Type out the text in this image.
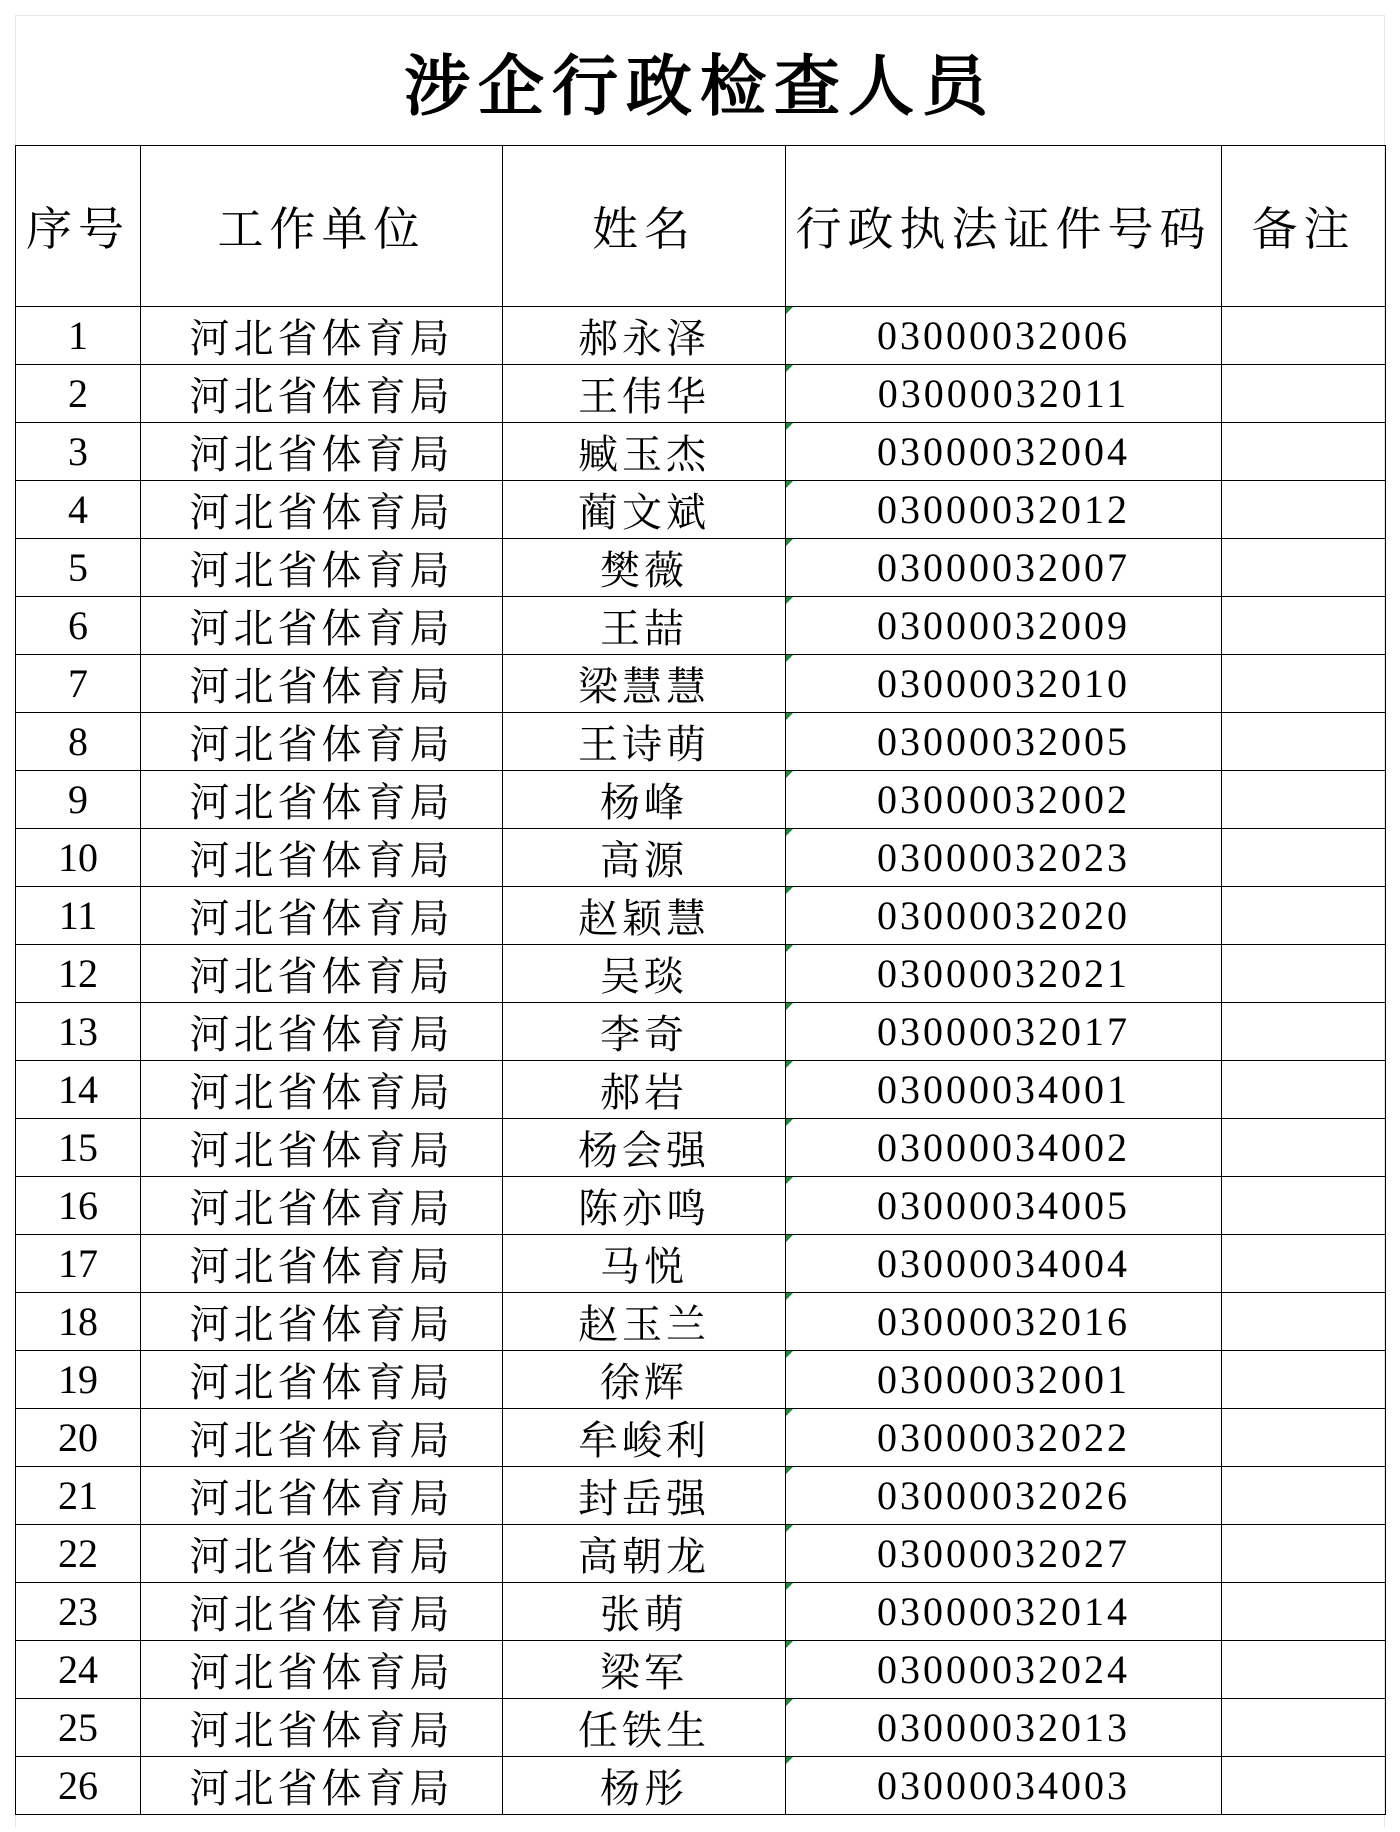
涉企行政检查人员
序号	工作单位	姓名	行政执法证件号码	备注
1	河北省体育局	郝永泽	03000032006	
2	河北省体育局	王伟华	03000032011	
3	河北省体育局	臧玉杰	03000032004	
4	河北省体育局	蔺文斌	03000032012	
5	河北省体育局	樊薇	03000032007	
6	河北省体育局	王喆	03000032009	
7	河北省体育局	梁慧慧	03000032010	
8	河北省体育局	王诗萌	03000032005	
9	河北省体育局	杨峰	03000032002	
10	河北省体育局	高源	03000032023	
11	河北省体育局	赵颖慧	03000032020	
12	河北省体育局	吴琰	03000032021	
13	河北省体育局	李奇	03000032017	
14	河北省体育局	郝岩	03000034001	
15	河北省体育局	杨会强	03000034002	
16	河北省体育局	陈亦鸣	03000034005	
17	河北省体育局	马悦	03000034004	
18	河北省体育局	赵玉兰	03000032016	
19	河北省体育局	徐辉	03000032001	
20	河北省体育局	牟峻利	03000032022	
21	河北省体育局	封岳强	03000032026	
22	河北省体育局	高朝龙	03000032027	
23	河北省体育局	张萌	03000032014	
24	河北省体育局	梁军	03000032024	
25	河北省体育局	任铁生	03000032013	
26	河北省体育局	杨彤	03000034003	
